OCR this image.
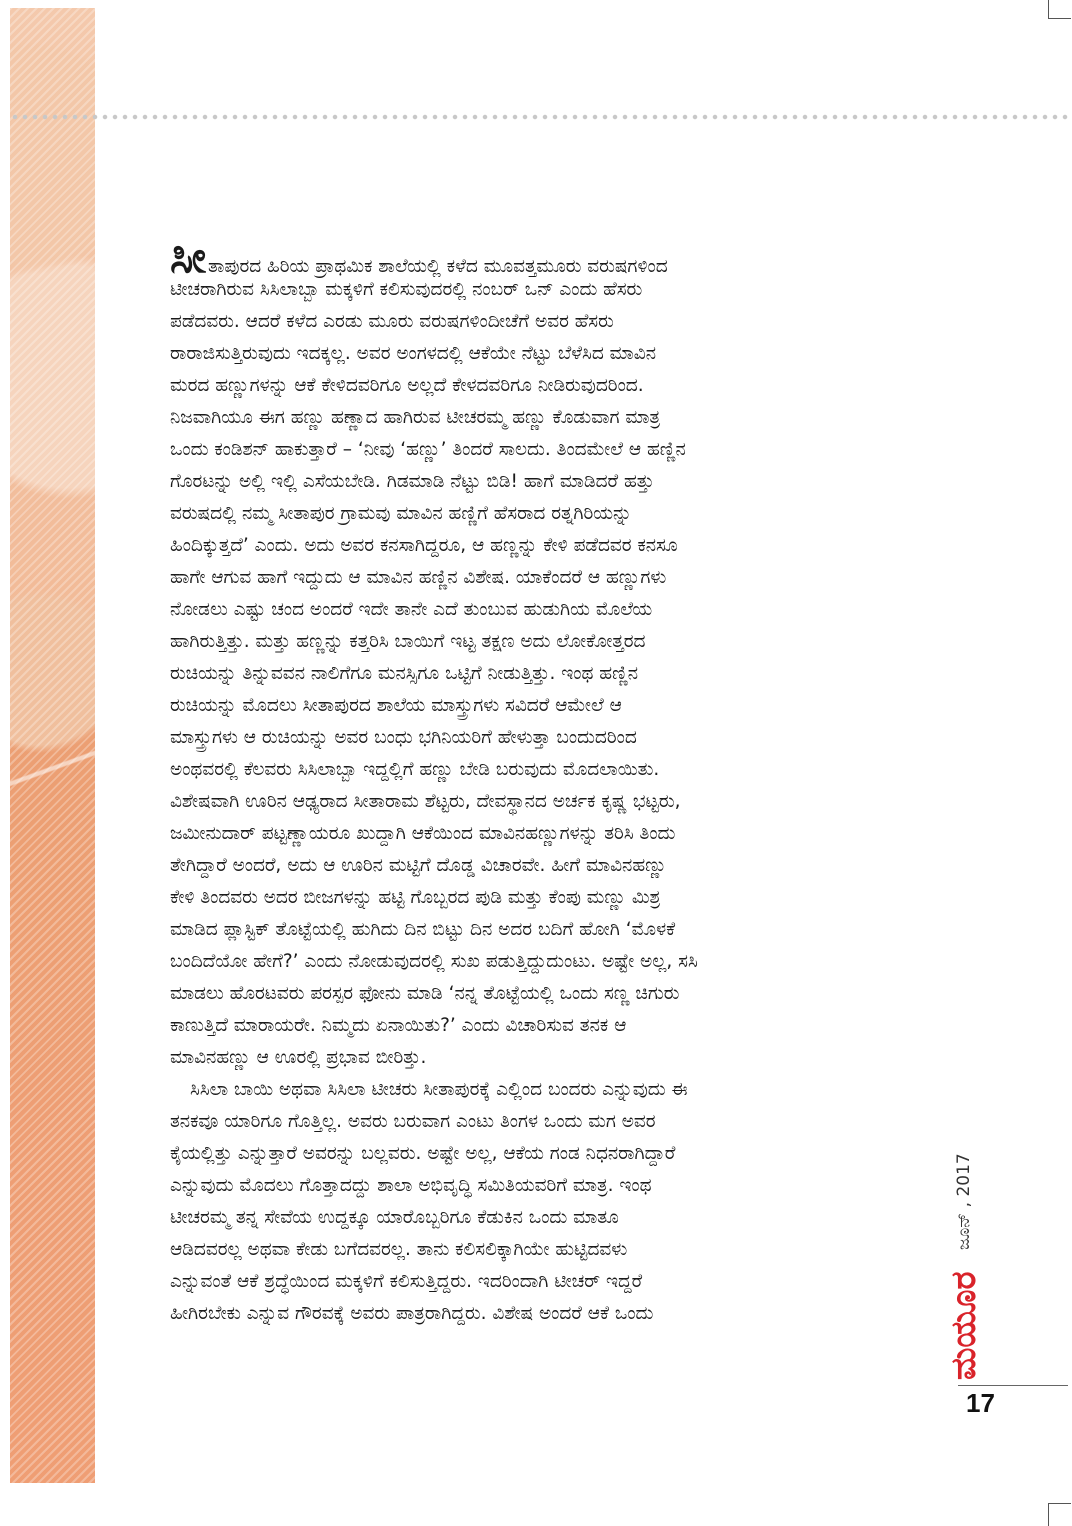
ಸೀತಾಪುರದ ಹಿರಿಯ ಪ್ರಾಥಮಿಕ ಶಾಲೆಯಲ್ಲಿ ಕಳೆದ ಮೂವತ್ತಮೂರು ವರುಷಗಳಿಂದ
ಟೀಚರಾಗಿರುವ ಸಿಸಿಲಾಬ್ಬಾ ಮಕ್ಕಳಿಗೆ ಕಲಿಸುವುದರಲ್ಲಿ ನಂಬರ್ ಒನ್ ಎಂದು ಹೆಸರು
ಪಡೆದವರು. ಆದರೆ ಕಳೆದ ಎರಡು ಮೂರು ವರುಷಗಳಿಂದೀಚೆಗೆ ಅವರ ಹೆಸರು
ರಾರಾಜಿಸುತ್ತಿರುವುದು ಇದಕ್ಕಲ್ಲ. ಅವರ ಅಂಗಳದಲ್ಲಿ ಆಕೆಯೇ ನೆಟ್ಟು ಬೆಳೆಸಿದ ಮಾವಿನ
ಮರದ ಹಣ್ಣುಗಳನ್ನು ಆಕೆ ಕೇಳಿದವರಿಗೂ ಅಲ್ಲದೆ ಕೇಳದವರಿಗೂ ನೀಡಿರುವುದರಿಂದ.
ನಿಜವಾಗಿಯೂ ಈಗ ಹಣ್ಣು ಹಣ್ಣಾದ ಹಾಗಿರುವ ಟೀಚರಮ್ಮ ಹಣ್ಣು ಕೊಡುವಾಗ ಮಾತ್ರ
ಒಂದು ಕಂಡಿಶನ್ ಹಾಕುತ್ತಾರೆ – ‘ನೀವು ‘ಹಣ್ಣು’ ತಿಂದರೆ ಸಾಲದು. ತಿಂದಮೇಲೆ ಆ ಹಣ್ಣಿನ
ಗೊರಟನ್ನು ಅಲ್ಲಿ ಇಲ್ಲಿ ಎಸೆಯಬೇಡಿ. ಗಿಡಮಾಡಿ ನೆಟ್ಟು ಬಿಡಿ! ಹಾಗೆ ಮಾಡಿದರೆ ಹತ್ತು
ವರುಷದಲ್ಲಿ ನಮ್ಮ ಸೀತಾಪುರ ಗ್ರಾಮವು ಮಾವಿನ ಹಣ್ಣಿಗೆ ಹೆಸರಾದ ರತ್ನಗಿರಿಯನ್ನು
ಹಿಂದಿಕ್ಕುತ್ತದೆ’ ಎಂದು. ಅದು ಅವರ ಕನಸಾಗಿದ್ದರೂ, ಆ ಹಣ್ಣನ್ನು ಕೇಳಿ ಪಡೆದವರ ಕನಸೂ
ಹಾಗೇ ಆಗುವ ಹಾಗೆ ಇದ್ದುದು ಆ ಮಾವಿನ ಹಣ್ಣಿನ ವಿಶೇಷ. ಯಾಕೆಂದರೆ ಆ ಹಣ್ಣುಗಳು
ನೋಡಲು ಎಷ್ಟು ಚಂದ ಅಂದರೆ ಇದೇ ತಾನೇ ಎದೆ ತುಂಬುವ ಹುಡುಗಿಯ ಮೊಲೆಯ
ಹಾಗಿರುತ್ತಿತ್ತು. ಮತ್ತು ಹಣ್ಣನ್ನು ಕತ್ತರಿಸಿ ಬಾಯಿಗೆ ಇಟ್ಟ ತಕ್ಷಣ ಅದು ಲೋಕೋತ್ತರದ
ರುಚಿಯನ್ನು ತಿನ್ನುವವನ ನಾಲಿಗೆಗೂ ಮನಸ್ಸಿಗೂ ಒಟ್ಟಿಗೆ ನೀಡುತ್ತಿತ್ತು. ಇಂಥ ಹಣ್ಣಿನ
ರುಚಿಯನ್ನು ಮೊದಲು ಸೀತಾಪುರದ ಶಾಲೆಯ ಮಾಸ್ತ್ರುಗಳು ಸವಿದರೆ ಆಮೇಲೆ ಆ
ಮಾಸ್ತ್ರುಗಳು ಆ ರುಚಿಯನ್ನು ಅವರ ಬಂಧು ಭಗಿನಿಯರಿಗೆ ಹೇಳುತ್ತಾ ಬಂದುದರಿಂದ
ಅಂಥವರಲ್ಲಿ ಕೆಲವರು ಸಿಸಿಲಾಬ್ಬಾ ಇದ್ದಲ್ಲಿಗೆ ಹಣ್ಣು ಬೇಡಿ ಬರುವುದು ಮೊದಲಾಯಿತು.
ವಿಶೇಷವಾಗಿ ಊರಿನ ಆಢ್ಯರಾದ ಸೀತಾರಾಮ ಶೆಟ್ಟರು, ದೇವಸ್ಥಾನದ ಅರ್ಚಕ ಕೃಷ್ಣ ಭಟ್ಟರು,
ಜಮೀನುದಾರ್ ಪಟ್ಟಣ್ಣಾಯರೂ ಖುದ್ದಾಗಿ ಆಕೆಯಿಂದ ಮಾವಿನಹಣ್ಣುಗಳನ್ನು ತರಿಸಿ ತಿಂದು
ತೇಗಿದ್ದಾರೆ ಅಂದರೆ, ಅದು ಆ ಊರಿನ ಮಟ್ಟಿಗೆ ದೊಡ್ಡ ವಿಚಾರವೇ. ಹೀಗೆ ಮಾವಿನಹಣ್ಣು
ಕೇಳಿ ತಿಂದವರು ಅದರ ಬೀಜಗಳನ್ನು ಹಟ್ಟಿ ಗೊಬ್ಬರದ ಪುಡಿ ಮತ್ತು ಕೆಂಪು ಮಣ್ಣು ಮಿಶ್ರ
ಮಾಡಿದ ಪ್ಲಾಸ್ಟಿಕ್ ತೊಟ್ಟೆಯಲ್ಲಿ ಹುಗಿದು ದಿನ ಬಿಟ್ಟು ದಿನ ಅದರ ಬದಿಗೆ ಹೋಗಿ ‘ಮೊಳಕೆ
ಬಂದಿದೆಯೋ ಹೇಗೆ?’ ಎಂದು ನೋಡುವುದರಲ್ಲಿ ಸುಖ ಪಡುತ್ತಿದ್ದುದುಂಟು. ಅಷ್ಟೇ ಅಲ್ಲ, ಸಸಿ
ಮಾಡಲು ಹೊರಟವರು ಪರಸ್ಪರ ಫೋನು ಮಾಡಿ ‘ನನ್ನ ತೊಟ್ಟೆಯಲ್ಲಿ ಒಂದು ಸಣ್ಣ ಚಿಗುರು
ಕಾಣುತ್ತಿದೆ ಮಾರಾಯರೇ. ನಿಮ್ಮದು ಏನಾಯಿತು?’ ಎಂದು ವಿಚಾರಿಸುವ ತನಕ ಆ
ಮಾವಿನಹಣ್ಣು ಆ ಊರಲ್ಲಿ ಪ್ರಭಾವ ಬೀರಿತ್ತು.
ಸಿಸಿಲಾ ಬಾಯಿ ಅಥವಾ ಸಿಸಿಲಾ ಟೀಚರು ಸೀತಾಪುರಕ್ಕೆ ಎಲ್ಲಿಂದ ಬಂದರು ಎನ್ನುವುದು ಈ
ತನಕವೂ ಯಾರಿಗೂ ಗೊತ್ತಿಲ್ಲ. ಅವರು ಬರುವಾಗ ಎಂಟು ತಿಂಗಳ ಒಂದು ಮಗ ಅವರ
ಕೈಯಲ್ಲಿತ್ತು ಎನ್ನುತ್ತಾರೆ ಅವರನ್ನು ಬಲ್ಲವರು. ಅಷ್ಟೇ ಅಲ್ಲ, ಆಕೆಯ ಗಂಡ ನಿಧನರಾಗಿದ್ದಾರೆ
ಎನ್ನುವುದು ಮೊದಲು ಗೊತ್ತಾದದ್ದು ಶಾಲಾ ಅಭಿವೃದ್ಧಿ ಸಮಿತಿಯವರಿಗೆ ಮಾತ್ರ. ಇಂಥ
ಟೀಚರಮ್ಮ ತನ್ನ ಸೇವೆಯ ಉದ್ದಕ್ಕೂ ಯಾರೊಬ್ಬರಿಗೂ ಕೆಡುಕಿನ ಒಂದು ಮಾತೂ
ಆಡಿದವರಲ್ಲ ಅಥವಾ ಕೇಡು ಬಗೆದವರಲ್ಲ. ತಾನು ಕಲಿಸಲಿಕ್ಕಾಗಿಯೇ ಹುಟ್ಟಿದವಳು
ಎನ್ನುವಂತೆ ಆಕೆ ಶ್ರದ್ಧೆಯಿಂದ ಮಕ್ಕಳಿಗೆ ಕಲಿಸುತ್ತಿದ್ದರು. ಇದರಿಂದಾಗಿ ಟೀಚರ್ ಇದ್ದರೆ
ಹೀಗಿರಬೇಕು ಎನ್ನುವ ಗೌರವಕ್ಕೆ ಅವರು ಪಾತ್ರರಾಗಿದ್ದರು. ವಿಶೇಷ ಅಂದರೆ ಆಕೆ ಒಂದು
ಜೂನ್ , 2017
ಮಯೂರ
17
